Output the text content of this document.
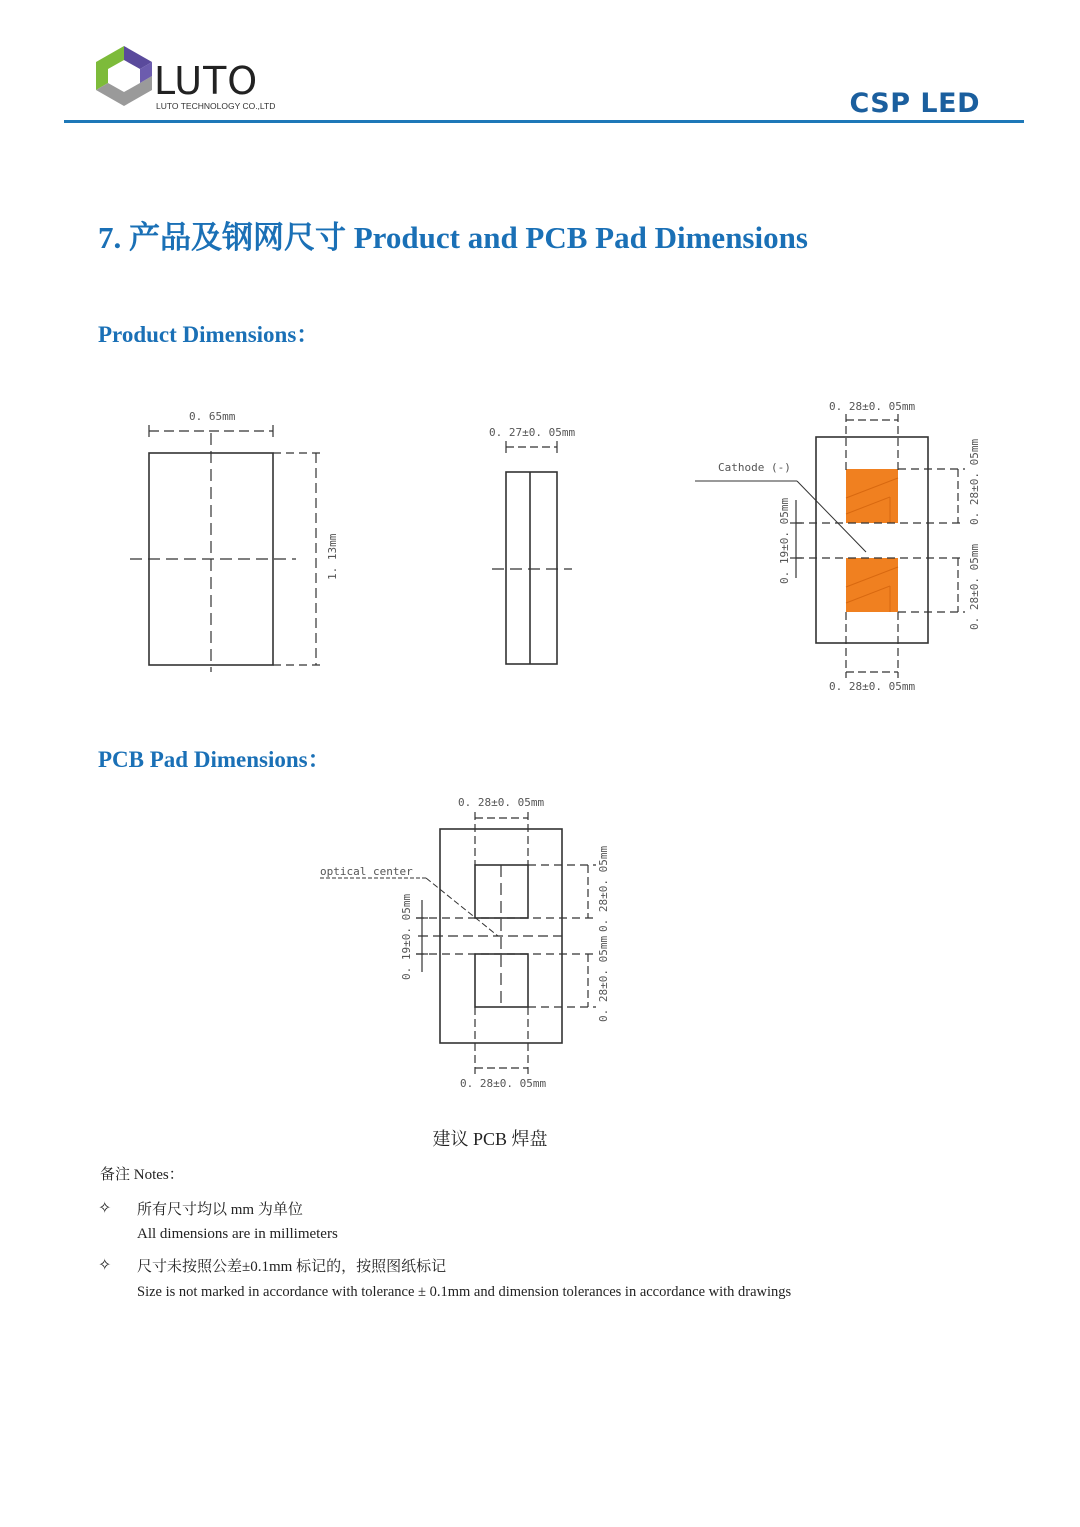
LUTO
LUTO TECHNOLOGY CO.,LTD	CSP LED
7. 产品及钢网尺寸 Product and PCB Pad Dimensions
Product Dimensions：
PCB Pad Dimensions：
0. 65mm
1. 13mm
0. 27±0. 05mm
0. 28±0. 05mm
0. 28±0. 05mm
0. 19±0. 05mm
0. 28±0. 05mm
0. 28±0. 05mm
Cathode (-)
0. 28±0. 05mm
0. 28±0. 05mm
0. 19±0. 05mm
0. 28±0. 05mm
0. 28±0. 05mm
optical center
建议 PCB 焊盘
备注 Notes：
✧ 所有尺寸均以 mm 为单位
All dimensions are in millimeters
✧ 尺寸未按照公差±0.1mm 标记的，按照图纸标记
Size is not marked in accordance with tolerance ± 0.1mm and dimension tolerances in accordance with drawings
